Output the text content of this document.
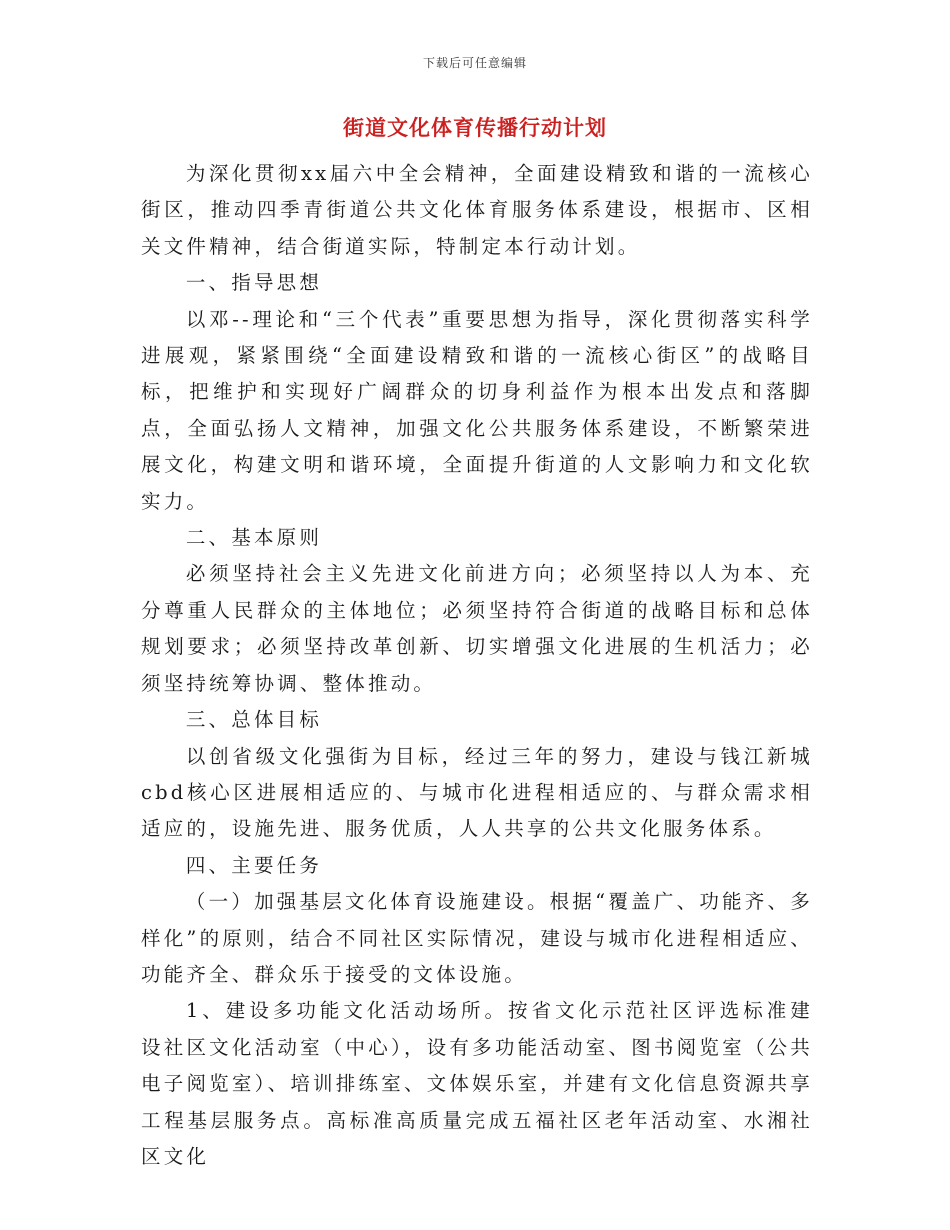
下载后可任意编辑
街道文化体育传播行动计划

为深化贯彻xx届六中全会精神，全面建设精致和谐的一流核心街区，推动四季青街道公共文化体育服务体系建设，根据市、区相关文件精神，结合街道实际，特制定本行动计划。

一、指导思想

以邓--理论和“三个代表”重要思想为指导，深化贯彻落实科学进展观，紧紧围绕“全面建设精致和谐的一流核心街区”的战略目标，把维护和实现好广阔群众的切身利益作为根本出发点和落脚点，全面弘扬人文精神，加强文化公共服务体系建设，不断繁荣进展文化，构建文明和谐环境，全面提升街道的人文影响力和文化软实力。

二、基本原则

必须坚持社会主义先进文化前进方向；必须坚持以人为本、充分尊重人民群众的主体地位；必须坚持符合街道的战略目标和总体规划要求；必须坚持改革创新、切实增强文化进展的生机活力；必须坚持统筹协调、整体推动。

三、总体目标

以创省级文化强街为目标，经过三年的努力，建设与钱江新城cbd核心区进展相适应的、与城市化进程相适应的、与群众需求相适应的，设施先进、服务优质，人人共享的公共文化服务体系。

四、主要任务

（一）加强基层文化体育设施建设。根据“覆盖广、功能齐、多样化”的原则，结合不同社区实际情况，建设与城市化进程相适应、功能齐全、群众乐于接受的文体设施。

1、建设多功能文化活动场所。按省文化示范社区评选标准建设社区文化活动室（中心），设有多功能活动室、图书阅览室（公共电子阅览室）、培训排练室、文体娱乐室，并建有文化信息资源共享工程基层服务点。高标准高质量完成五福社区老年活动室、水湘社区文化
